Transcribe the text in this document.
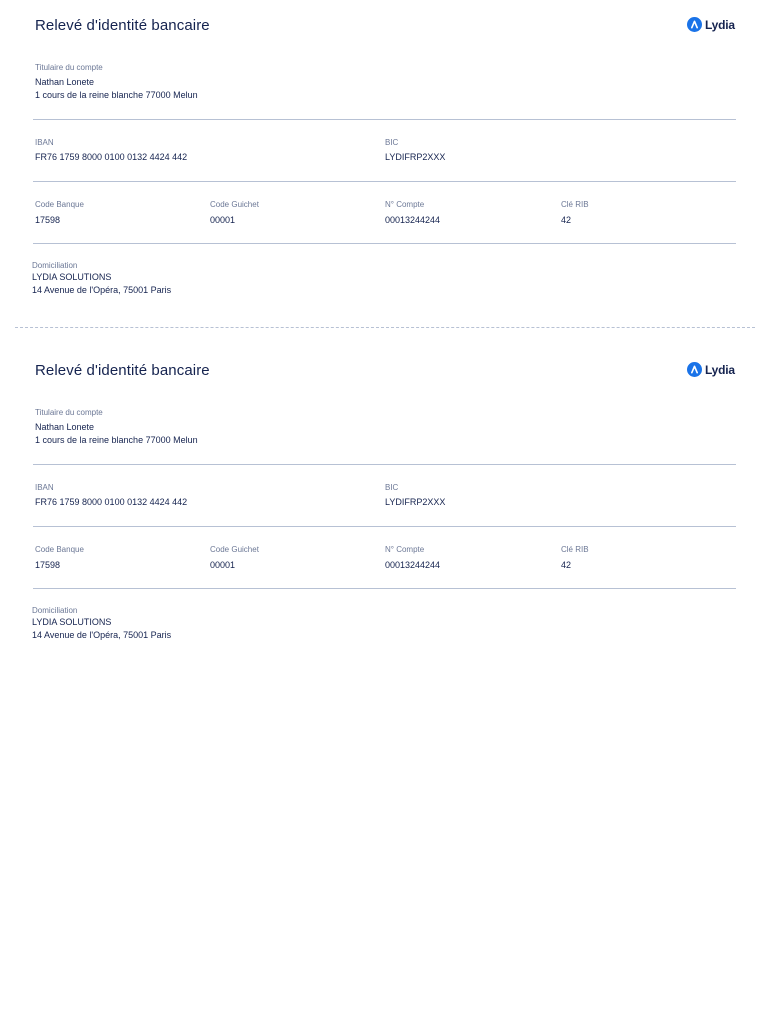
Relevé d'identité bancaire	Lydia
Titulaire du compte
Nathan Lonete
1 cours de la reine blanche 77000 Melun
IBAN
FR76 1759 8000 0100 0132 4424 442
BIC
LYDIFRP2XXX
Code Banque
17598
Code Guichet
00001
N° Compte
00013244244
Clé RIB
42
Domiciliation
LYDIA SOLUTIONS
14 Avenue de l'Opéra, 75001 Paris
Relevé d'identité bancaire	Lydia
Titulaire du compte
Nathan Lonete
1 cours de la reine blanche 77000 Melun
IBAN
FR76 1759 8000 0100 0132 4424 442
BIC
LYDIFRP2XXX
Code Banque
17598
Code Guichet
00001
N° Compte
00013244244
Clé RIB
42
Domiciliation
LYDIA SOLUTIONS
14 Avenue de l'Opéra, 75001 Paris
